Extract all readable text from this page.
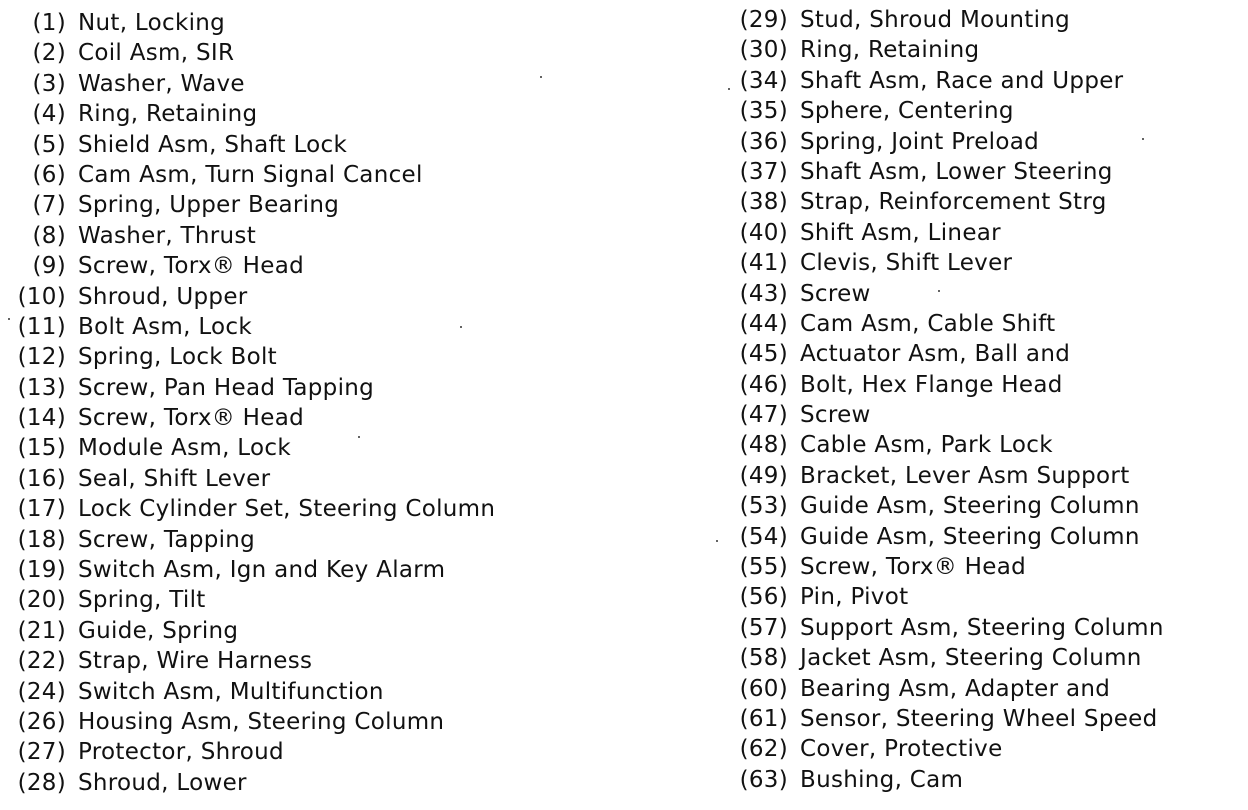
(1) Nut, Locking
(2) Coil Asm, SIR
(3) Washer, Wave
(4) Ring, Retaining
(5) Shield Asm, Shaft Lock
(6) Cam Asm, Turn Signal Cancel
(7) Spring, Upper Bearing
(8) Washer, Thrust
(9) Screw, Torx® Head
(10) Shroud, Upper
(11) Bolt Asm, Lock
(12) Spring, Lock Bolt
(13) Screw, Pan Head Tapping
(14) Screw, Torx® Head
(15) Module Asm, Lock
(16) Seal, Shift Lever
(17) Lock Cylinder Set, Steering Column
(18) Screw, Tapping
(19) Switch Asm, Ign and Key Alarm
(20) Spring, Tilt
(21) Guide, Spring
(22) Strap, Wire Harness
(24) Switch Asm, Multifunction
(26) Housing Asm, Steering Column
(27) Protector, Shroud
(28) Shroud, Lower
(29) Stud, Shroud Mounting
(30) Ring, Retaining
(34) Shaft Asm, Race and Upper
(35) Sphere, Centering
(36) Spring, Joint Preload
(37) Shaft Asm, Lower Steering
(38) Strap, Reinforcement Strg
(40) Shift Asm, Linear
(41) Clevis, Shift Lever
(43) Screw
(44) Cam Asm, Cable Shift
(45) Actuator Asm, Ball and
(46) Bolt, Hex Flange Head
(47) Screw
(48) Cable Asm, Park Lock
(49) Bracket, Lever Asm Support
(53) Guide Asm, Steering Column
(54) Guide Asm, Steering Column
(55) Screw, Torx® Head
(56) Pin, Pivot
(57) Support Asm, Steering Column
(58) Jacket Asm, Steering Column
(60) Bearing Asm, Adapter and
(61) Sensor, Steering Wheel Speed
(62) Cover, Protective
(63) Bushing, Cam
